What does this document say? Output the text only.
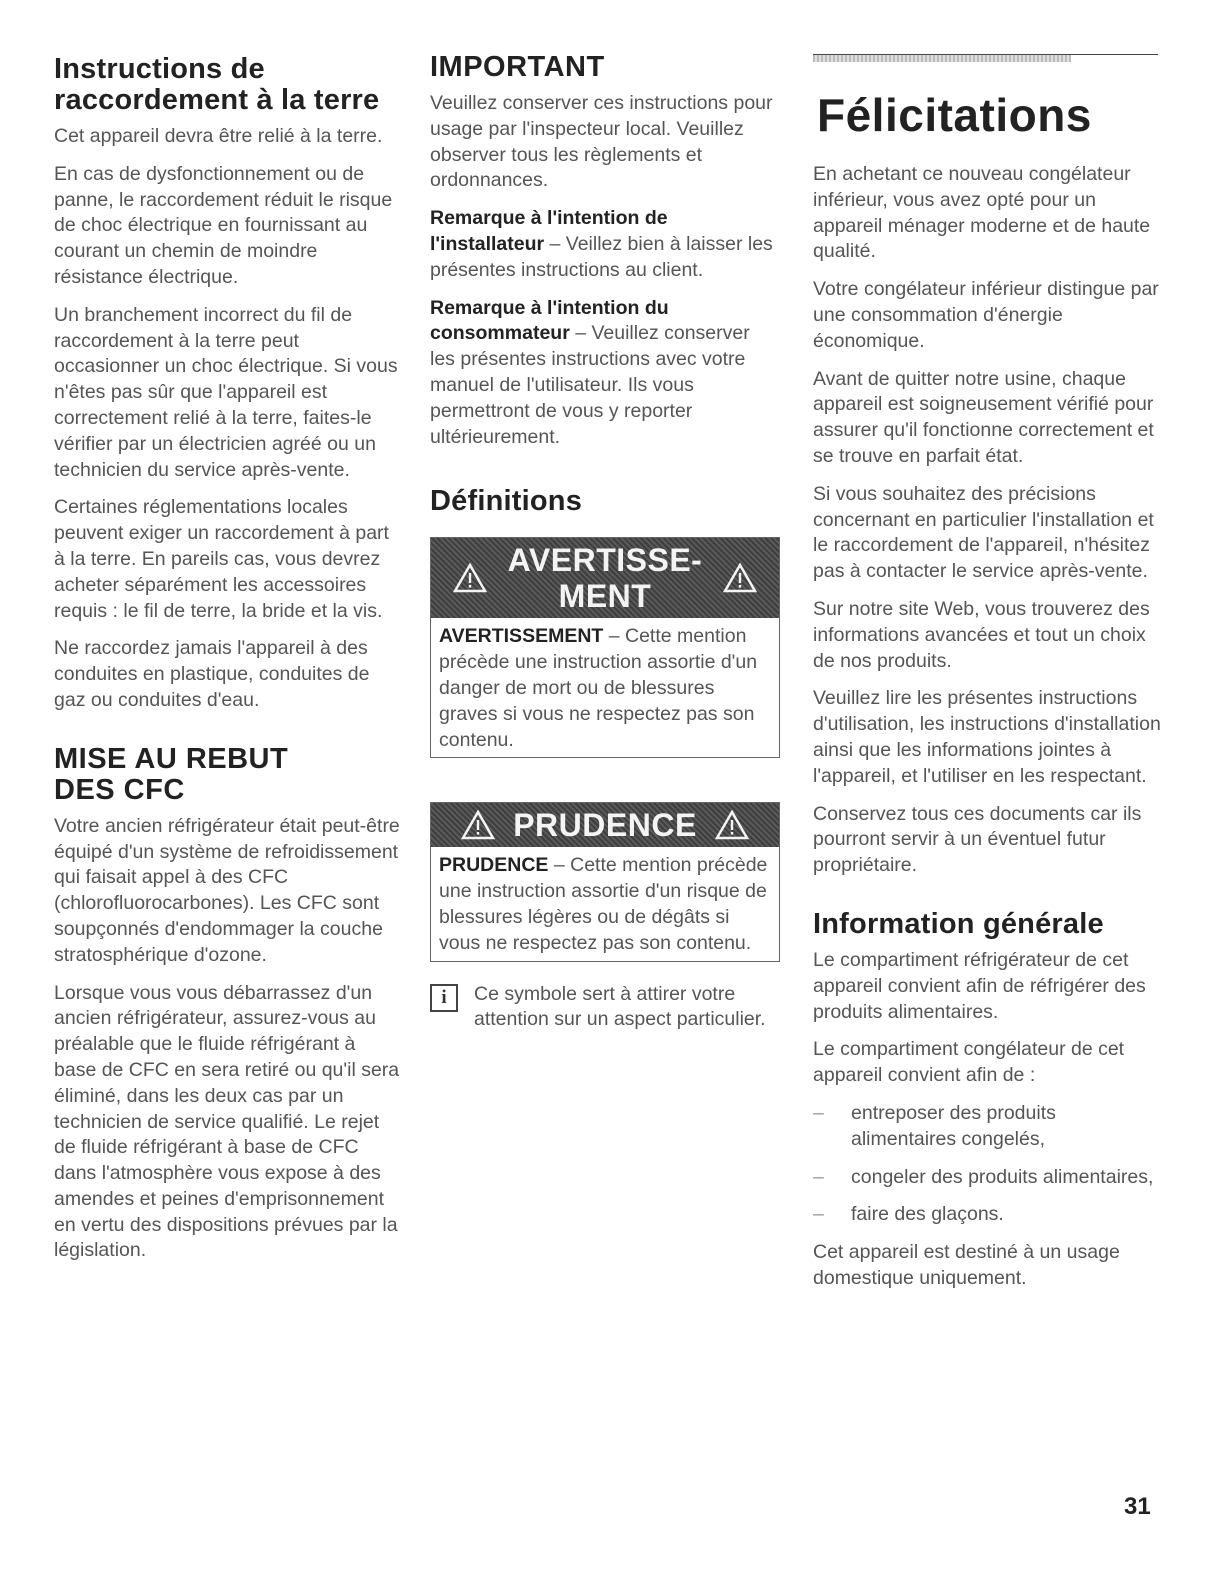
Instructions de raccordement à la terre

Cet appareil devra être relié à la terre.

En cas de dysfonctionnement ou de panne, le raccordement réduit le risque de choc électrique en fournissant au courant un chemin de moindre résistance électrique.

Un branchement incorrect du fil de raccordement à la terre peut occasionner un choc électrique. Si vous n'êtes pas sûr que l'appareil est correctement relié à la terre, faites-le vérifier par un électricien agréé ou un technicien du service après-vente.

Certaines réglementations locales peuvent exiger un raccordement à part à la terre. En pareils cas, vous devrez acheter séparément les accessoires requis : le fil de terre, la bride et la vis.

Ne raccordez jamais l'appareil à des conduites en plastique, conduites de gaz ou conduites d'eau.

MISE AU REBUT DES CFC

Votre ancien réfrigérateur était peut-être équipé d'un système de refroidissement qui faisait appel à des CFC (chlorofluorocarbones). Les CFC sont soupçonnés d'endommager la couche stratosphérique d'ozone.

Lorsque vous vous débarrassez d'un ancien réfrigérateur, assurez-vous au préalable que le fluide réfrigérant à base de CFC en sera retiré ou qu'il sera éliminé, dans les deux cas par un technicien de service qualifié. Le rejet de fluide réfrigérant à base de CFC dans l'atmosphère vous expose à des amendes et peines d'emprisonnement en vertu des dispositions prévues par la législation.

IMPORTANT

Veuillez conserver ces instructions pour usage par l'inspecteur local. Veuillez observer tous les règlements et ordonnances.

Remarque à l'intention de l'installateur – Veillez bien à laisser les présentes instructions au client.

Remarque à l'intention du consommateur – Veuillez conserver les présentes instructions avec votre manuel de l'utilisateur. Ils vous permettront de vous y reporter ultérieurement.

Définitions
AVERTISSE- MENT

AVERTISSEMENT – Cette mention précède une instruction assortie d'un danger de mort ou de blessures graves si vous ne respectez pas son contenu.

PRUDENCE

PRUDENCE – Cette mention précède une instruction assortie d'un risque de blessures légères ou de dégâts si vous ne respectez pas son contenu.

i	Ce symbole sert à attirer votre attention sur un aspect particulier.

Félicitations

En achetant ce nouveau congélateur inférieur, vous avez opté pour un appareil ménager moderne et de haute qualité.

Votre congélateur inférieur distingue par une consommation d'énergie économique.

Avant de quitter notre usine, chaque appareil est soigneusement vérifié pour assurer qu'il fonctionne correctement et se trouve en parfait état.

Si vous souhaitez des précisions concernant en particulier l'installation et le raccordement de l'appareil, n'hésitez pas à contacter le service après-vente.

Sur notre site Web, vous trouverez des informations avancées et tout un choix de nos produits.

Veuillez lire les présentes instructions d'utilisation, les instructions d'installation ainsi que les informations jointes à l'appareil, et l'utiliser en les respectant.

Conservez tous ces documents car ils pourront servir à un éventuel futur propriétaire.

Information générale

Le compartiment réfrigérateur de cet appareil convient afin de réfrigérer des produits alimentaires.

Le compartiment congélateur de cet appareil convient afin de :

– entreposer des produits alimentaires congelés,
– congeler des produits alimentaires,
– faire des glaçons.

Cet appareil est destiné à un usage domestique uniquement.

31
